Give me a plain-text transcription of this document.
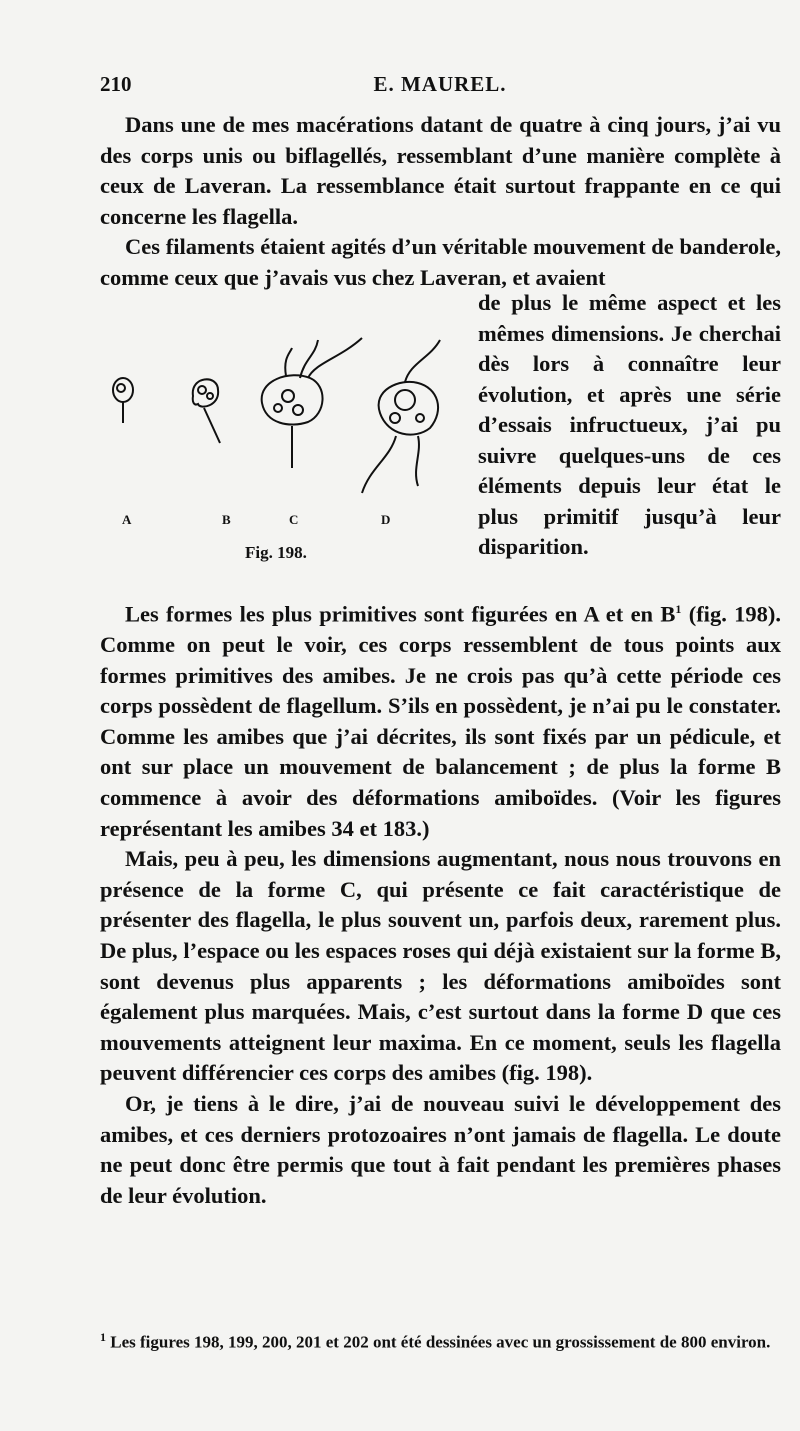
210	E. MAUREL.

Dans une de mes macérations datant de quatre à cinq jours, j’ai vu des corps unis ou biflagellés, ressemblant d’une manière complète à ceux de Laveran. La ressemblance était surtout frappante en ce qui concerne les flagella.

Ces filaments étaient agités d’un véritable mouvement de banderole, comme ceux que j’avais vus chez Laveran, et avaient

de plus le même aspect et les mêmes dimensions. Je cherchai dès lors à connaître leur évolution, et après une série d’essais infructueux, j’ai pu suivre quelques-uns de ces éléments depuis leur état le plus primitif jusqu’à leur disparition.
A	B	C	D
Fig. 198.

Les formes les plus primitives sont figurées en A et en B$^1$ (fig. 198). Comme on peut le voir, ces corps ressemblent de tous points aux formes primitives des amibes. Je ne crois pas qu’à cette période ces corps possèdent de flagellum. S’ils en possèdent, je n’ai pu le constater. Comme les amibes que j’ai décrites, ils sont fixés par un pédicule, et ont sur place un mouvement de balancement ; de plus la forme B commence à avoir des déformations amiboïdes. (Voir les figures représentant les amibes 34 et 183.)

Mais, peu à peu, les dimensions augmentant, nous nous trouvons en présence de la forme C, qui présente ce fait caractéristique de présenter des flagella, le plus souvent un, parfois deux, rarement plus. De plus, l’espace ou les espaces roses qui déjà existaient sur la forme B, sont devenus plus apparents ; les déformations amiboïdes sont également plus marquées. Mais, c’est surtout dans la forme D que ces mouvements atteignent leur maxima. En ce moment, seuls les flagella peuvent différencier ces corps des amibes (fig. 198).

Or, je tiens à le dire, j’ai de nouveau suivi le développement des amibes, et ces derniers protozoaires n’ont jamais de flagella. Le doute ne peut donc être permis que tout à fait pendant les premières phases de leur évolution.

$^1$ Les figures 198, 199, 200, 201 et 202 ont été dessinées avec un grossissement de 800 environ.
